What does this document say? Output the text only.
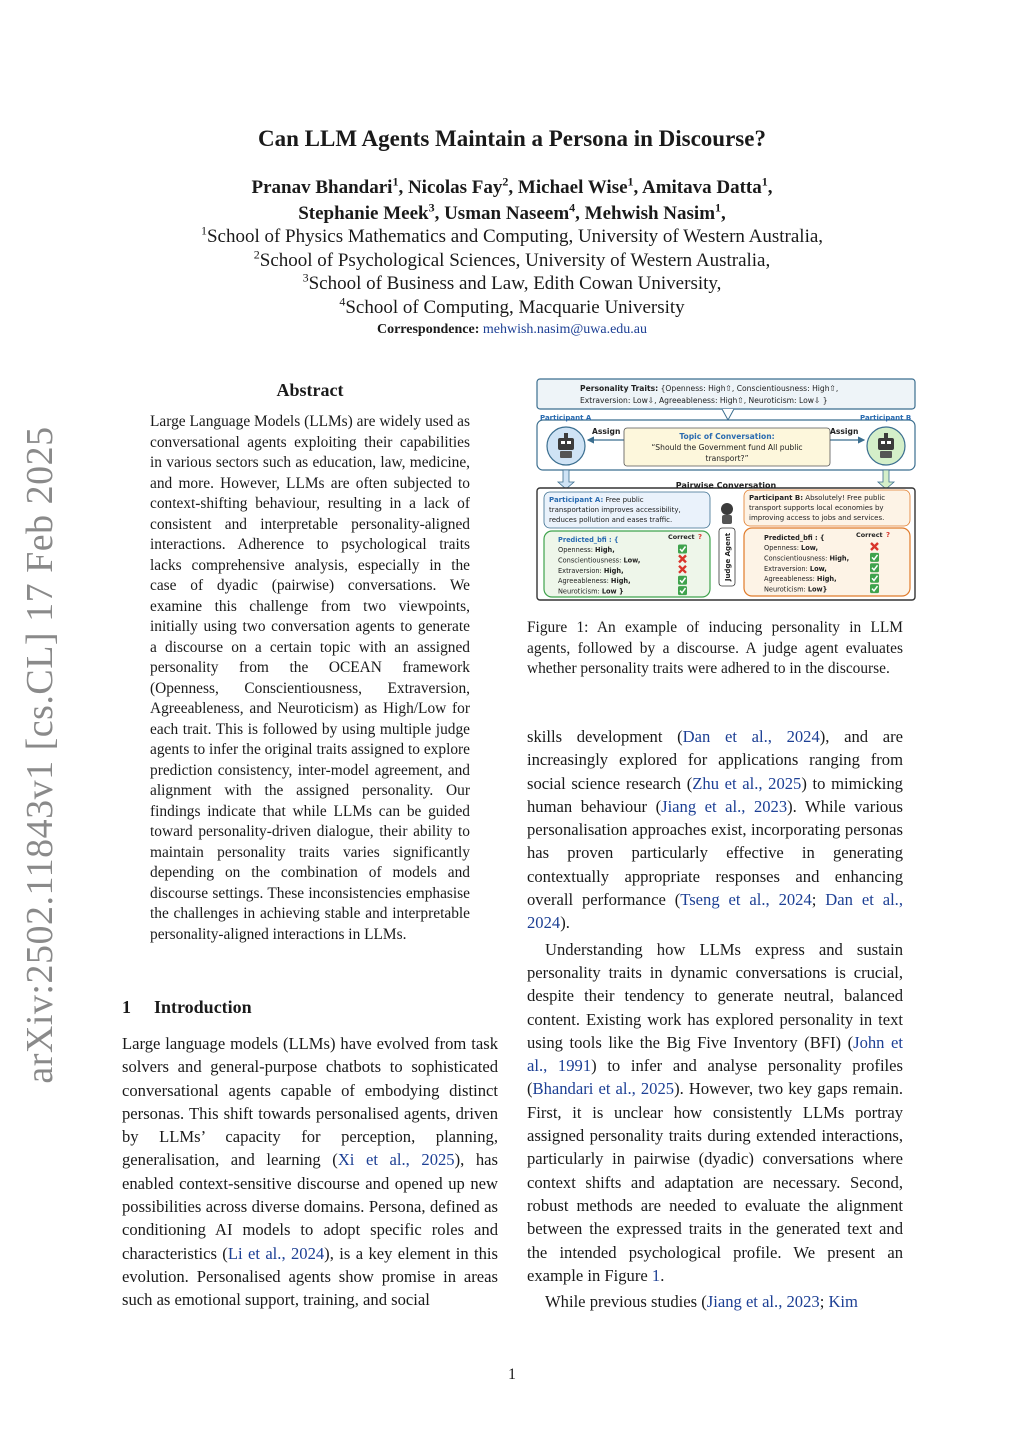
arXiv:2502.11843v1 [cs.CL] 17 Feb 2025
Can LLM Agents Maintain a Persona in Discourse?
Pranav Bhandari$^1$, Nicolas Fay$^2$, Michael Wise$^1$, Amitava Datta$^1$,
Stephanie Meek$^3$, Usman Naseem$^4$, Mehwish Nasim$^1$,
$^1$School of Physics Mathematics and Computing, University of Western Australia,
$^2$School of Psychological Sciences, University of Western Australia,
$^3$School of Business and Law, Edith Cowan University,
$^4$School of Computing, Macquarie University
Correspondence: mehwish.nasim@uwa.edu.au
Abstract
Large Language Models (LLMs) are widely used as conversational agents exploiting their capabilities in various sectors such as education, law, medicine, and more. However, LLMs are often subjected to context-shifting behaviour, resulting in a lack of consistent and interpretable personality-aligned interactions. Adherence to psychological traits lacks comprehensive analysis, especially in the case of dyadic (pairwise) conversations. We examine this challenge from two viewpoints, initially using two conversation agents to generate a discourse on a certain topic with an assigned personality from the OCEAN framework (Openness, Conscientiousness, Extraversion, Agreeableness, and Neuroticism) as High/Low for each trait. This is followed by using multiple judge agents to infer the original traits assigned to explore prediction consistency, inter-model agreement, and alignment with the assigned personality. Our findings indicate that while LLMs can be guided toward personality-driven dialogue, their ability to maintain personality traits varies significantly depending on the combination of models and discourse settings. These inconsistencies emphasise the challenges in achieving stable and interpretable personality-aligned interactions in LLMs.
1 Introduction

Large language models (LLMs) have evolved from task solvers and general-purpose chatbots to sophisticated conversational agents capable of embodying distinct personas. This shift towards personalised agents, driven by LLMs’ capacity for perception, planning, generalisation, and learning (Xi et al., 2025), has enabled context-sensitive discourse and opened up new possibilities across diverse domains. Persona, defined as conditioning AI models to adopt specific roles and characteristics (Li et al., 2024), is a key element in this evolution. Personalised agents show promise in areas such as emotional support, training, and social

Personality Traits: {Openness: High⇧, Conscientiousness: High⇧,
Extraversion: Low⇩, Agreeableness: High⇧, Neuroticism: Low⇩ }
Participant A	Participant B
Assign	Assign
Topic of Conversation:
“Should the Government fund All public
transport?”
Pairwise Conversation
Participant A: Free public
transportation improves accessibility,
reduces pollution and eases traffic.
Participant B: Absolutely! Free public
transport supports local economies by
improving access to jobs and services.
Judge Agent
Predicted_bfi : {	Correct ?
Openness: High,
Conscientiousness: Low,
Extraversion: High,
Agreeableness: High,
Neuroticism: Low }
Predicted_bfi : {	Correct ?
Openness: Low,
Conscientiousness: High,
Extraversion: Low,
Agreeableness: High,
Neuroticism: Low}
Figure 1: An example of inducing personality in LLM agents, followed by a discourse. A judge agent evaluates whether personality traits were adhered to in the discourse.

skills development (Dan et al., 2024), and are increasingly explored for applications ranging from social science research (Zhu et al., 2025) to mimicking human behaviour (Jiang et al., 2023). While various personalisation approaches exist, incorporating personas has proven particularly effective in generating contextually appropriate responses and enhancing overall performance (Tseng et al., 2024; Dan et al., 2024).

Understanding how LLMs express and sustain personality traits in dynamic conversations is crucial, despite their tendency to generate neutral, balanced content. Existing work has explored personality in text using tools like the Big Five Inventory (BFI) (John et al., 1991) to infer and analyse personality profiles (Bhandari et al., 2025). However, two key gaps remain. First, it is unclear how consistently LLMs portray assigned personality traits during extended interactions, particularly in pairwise (dyadic) conversations where context shifts and adaptation are necessary. Second, robust methods are needed to evaluate the alignment between the expressed traits in the generated text and the intended psychological profile. We present an example in Figure 1.

While previous studies (Jiang et al., 2023; Kim

1
